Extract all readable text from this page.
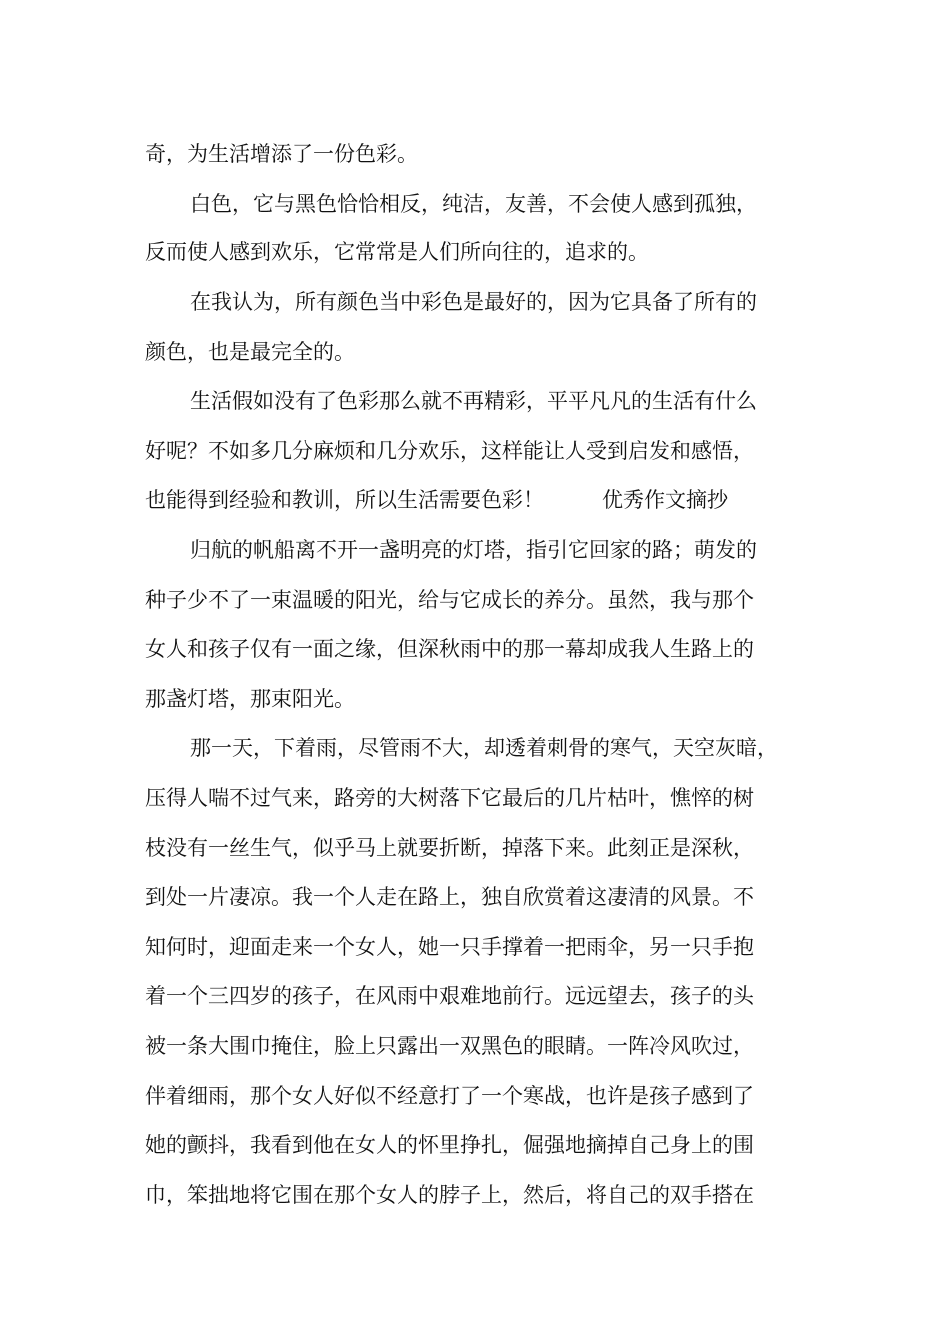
奇，为生活增添了一份色彩。
白色，它与黑色恰恰相反，纯洁，友善，不会使人感到孤独，
反而使人感到欢乐，它常常是人们所向往的，追求的。
在我认为，所有颜色当中彩色是最好的，因为它具备了所有的
颜色，也是最完全的。
生活假如没有了色彩那么就不再精彩，平平凡凡的生活有什么
好呢？不如多几分麻烦和几分欢乐，这样能让人受到启发和感悟，
也能得到经验和教训，所以生活需要色彩！	优秀作文摘抄
归航的帆船离不开一盏明亮的灯塔，指引它回家的路；萌发的
种子少不了一束温暖的阳光，给与它成长的养分。虽然，我与那个
女人和孩子仅有一面之缘，但深秋雨中的那一幕却成我人生路上的
那盏灯塔，那束阳光。
那一天，下着雨，尽管雨不大，却透着刺骨的寒气，天空灰暗，
压得人喘不过气来，路旁的大树落下它最后的几片枯叶，憔悴的树
枝没有一丝生气，似乎马上就要折断，掉落下来。此刻正是深秋，
到处一片凄凉。我一个人走在路上，独自欣赏着这凄清的风景。不
知何时，迎面走来一个女人，她一只手撑着一把雨伞，另一只手抱
着一个三四岁的孩子，在风雨中艰难地前行。远远望去，孩子的头
被一条大围巾掩住，脸上只露出一双黑色的眼睛。一阵冷风吹过，
伴着细雨，那个女人好似不经意打了一个寒战，也许是孩子感到了
她的颤抖，我看到他在女人的怀里挣扎，倔强地摘掉自己身上的围
巾，笨拙地将它围在那个女人的脖子上，然后，将自己的双手搭在
